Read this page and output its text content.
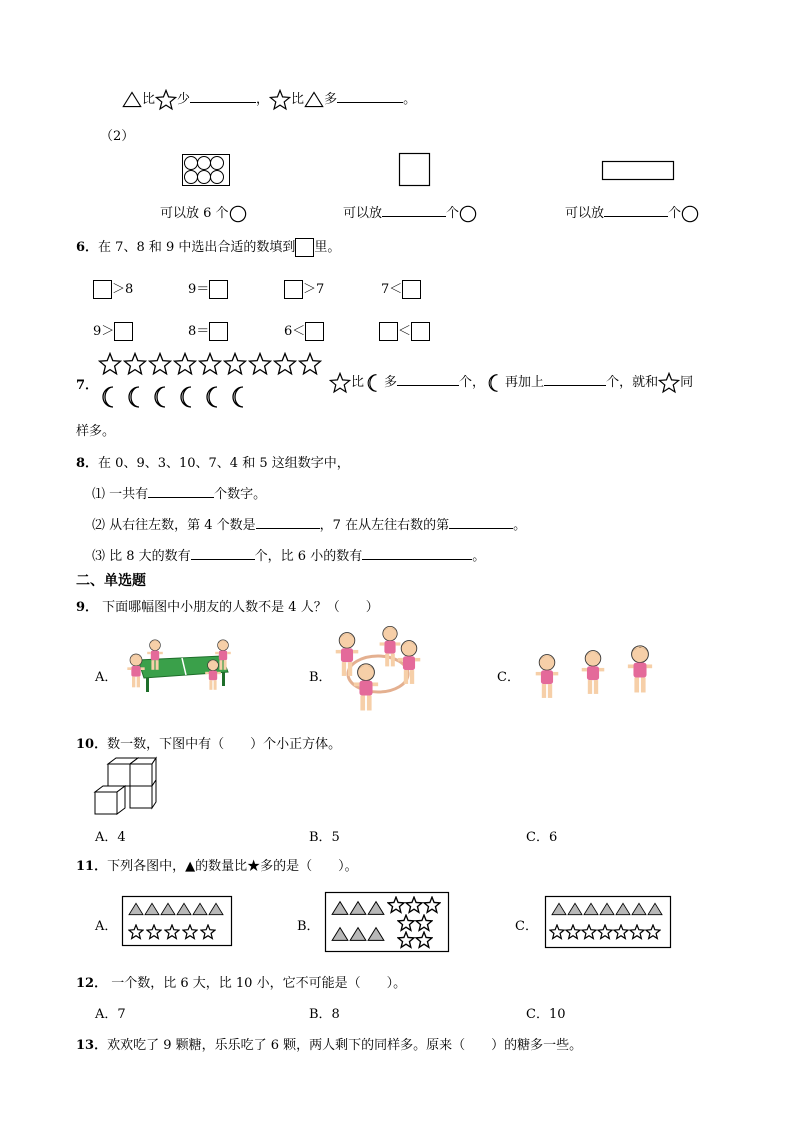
比 少	， 比 多	。
（2）
可以放 6 个	可以放	个	可以放	个
6．在 7、8 和 9 中选出合适的数填到 里。
＞8	9＝	＞7	7＜
9＞	8＝	6＜	＜
7．	比 多	个， 再加上	个，就和 同
样多。
8．在 0、9、3、10、7、4 和 5 这组数字中，
⑴ 一共有	个数字。
⑵ 从右往左数，第 4 个数是	，7 在从左往右数的第	。
⑶ 比 8 大的数有	个，比 6 小的数有	。
二、单选题
9． 下面哪幅图中小朋友的人数不是 4 人？（　　）
A．	B．	C．
10．数一数，下图中有（　　）个小正方体。
A．4	B．5	C．6
11．下列各图中，▲的数量比★多的是（　　）。
A．	B．	C．
12． 一个数，比 6 大，比 10 小，它不可能是（　　）。
A．7	B．8	C．10
13．欢欢吃了 9 颗糖，乐乐吃了 6 颗，两人剩下的同样多。原来（　　）的糖多一些。
